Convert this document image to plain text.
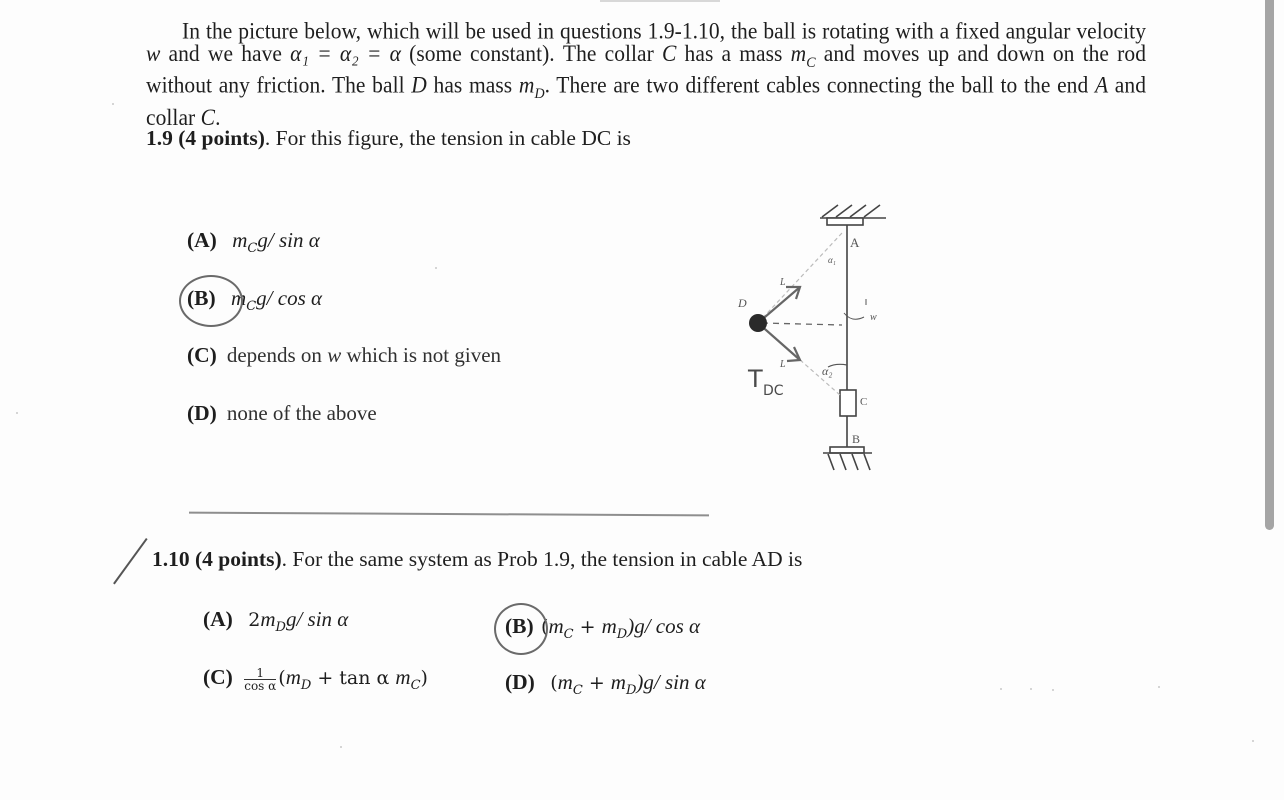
In the picture below, which will be used in questions 1.9-1.10, the ball is rotating with a fixed angular velocity w and we have α₁ = α₂ = α (some constant). The collar C has a mass $m_C$ and moves up and down on the rod without any friction. The ball D has mass $m_D$. There are two different cables connecting the ball to the end A and collar C.

1.9 (4 points). For this figure, the tension in cable DC is
(A) $m_Cg/$ sin α
(B) $m_Cg/$ cos α
(C) depends on w which is not given
(D) none of the above
A
α₁
D
L
L
w
α₂
C
B
T DC
1.10 (4 points). For the same system as Prob 1.9, the tension in cable AD is
(A) $2m_Dg/$ sin α	(B) $(m_C + m_D)g/$ cos α
$(C) \frac{1}{\text{cos α}} (m_D + \tan \alpha$ $m_C$)	(D) $(m_C + m_D)g/$ sin α
